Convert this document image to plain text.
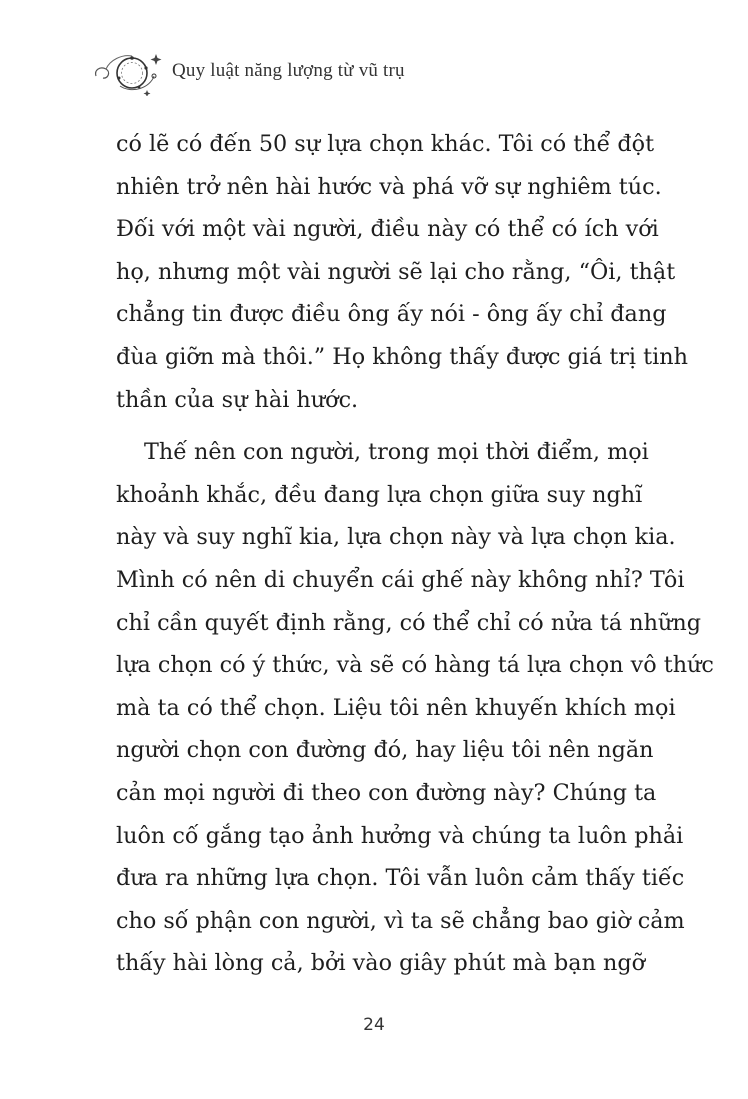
Quy luật năng lượng từ vũ trụ
có lẽ có đến 50 sự lựa chọn khác. Tôi có thể đột
nhiên trở nên hài hước và phá vỡ sự nghiêm túc.
Đối với một vài người, điều này có thể có ích với
họ, nhưng một vài người sẽ lại cho rằng, “Ôi, thật
chẳng tin được điều ông ấy nói - ông ấy chỉ đang
đùa giỡn mà thôi.” Họ không thấy được giá trị tinh
thần của sự hài hước.
Thế nên con người, trong mọi thời điểm, mọi
khoảnh khắc, đều đang lựa chọn giữa suy nghĩ
này và suy nghĩ kia, lựa chọn này và lựa chọn kia.
Mình có nên di chuyển cái ghế này không nhỉ? Tôi
chỉ cần quyết định rằng, có thể chỉ có nửa tá những
lựa chọn có ý thức, và sẽ có hàng tá lựa chọn vô thức
mà ta có thể chọn. Liệu tôi nên khuyến khích mọi
người chọn con đường đó, hay liệu tôi nên ngăn
cản mọi người đi theo con đường này? Chúng ta
luôn cố gắng tạo ảnh hưởng và chúng ta luôn phải
đưa ra những lựa chọn. Tôi vẫn luôn cảm thấy tiếc
cho số phận con người, vì ta sẽ chẳng bao giờ cảm
thấy hài lòng cả, bởi vào giây phút mà bạn ngỡ
24
